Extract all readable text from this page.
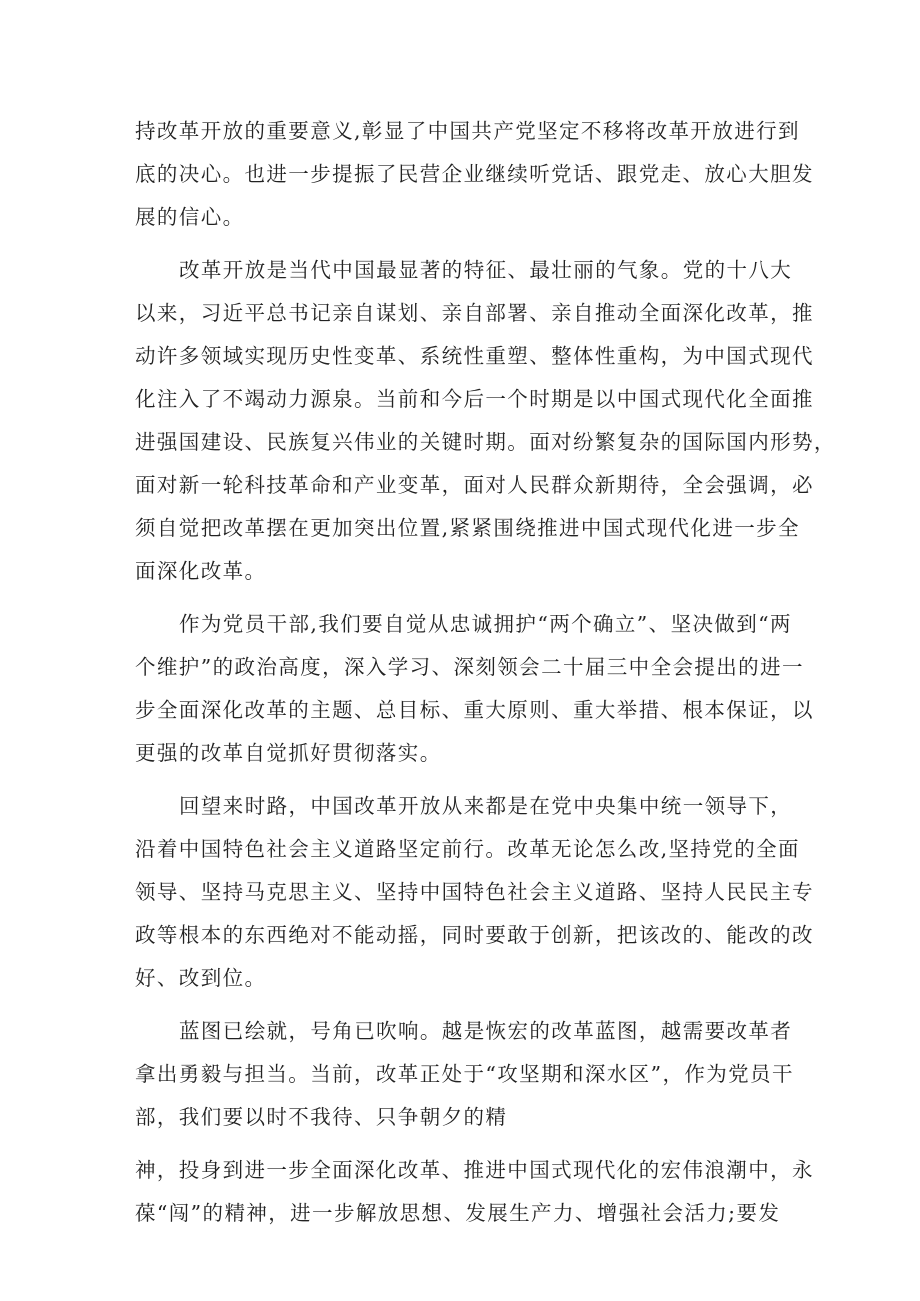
持改革开放的重要意义,彰显了中国共产党坚定不移将改革开放进行到
底的决心。也进一步提振了民营企业继续听党话、跟党走、放心大胆发
展的信心。

改革开放是当代中国最显著的特征、最壮丽的气象。党的十八大
以来，习近平总书记亲自谋划、亲自部署、亲自推动全面深化改革，推
动许多领域实现历史性变革、系统性重塑、整体性重构，为中国式现代
化注入了不竭动力源泉。当前和今后一个时期是以中国式现代化全面推
进强国建设、民族复兴伟业的关键时期。面对纷繁复杂的国际国内形势，
面对新一轮科技革命和产业变革，面对人民群众新期待，全会强调，必
须自觉把改革摆在更加突出位置,紧紧围绕推进中国式现代化进一步全
面深化改革。

作为党员干部,我们要自觉从忠诚拥护“两个确立”、坚决做到“两
个维护”的政治高度，深入学习、深刻领会二十届三中全会提出的进一
步全面深化改革的主题、总目标、重大原则、重大举措、根本保证，以
更强的改革自觉抓好贯彻落实。

回望来时路，中国改革开放从来都是在党中央集中统一领导下，
沿着中国特色社会主义道路坚定前行。改革无论怎么改,坚持党的全面
领导、坚持马克思主义、坚持中国特色社会主义道路、坚持人民民主专
政等根本的东西绝对不能动摇，同时要敢于创新，把该改的、能改的改
好、改到位。

蓝图已绘就，号角已吹响。越是恢宏的改革蓝图，越需要改革者
拿出勇毅与担当。当前，改革正处于“攻坚期和深水区”，作为党员干
部，我们要以时不我待、只争朝夕的精

神，投身到进一步全面深化改革、推进中国式现代化的宏伟浪潮中，永
葆“闯”的精神，进一步解放思想、发展生产力、增强社会活力;要发
